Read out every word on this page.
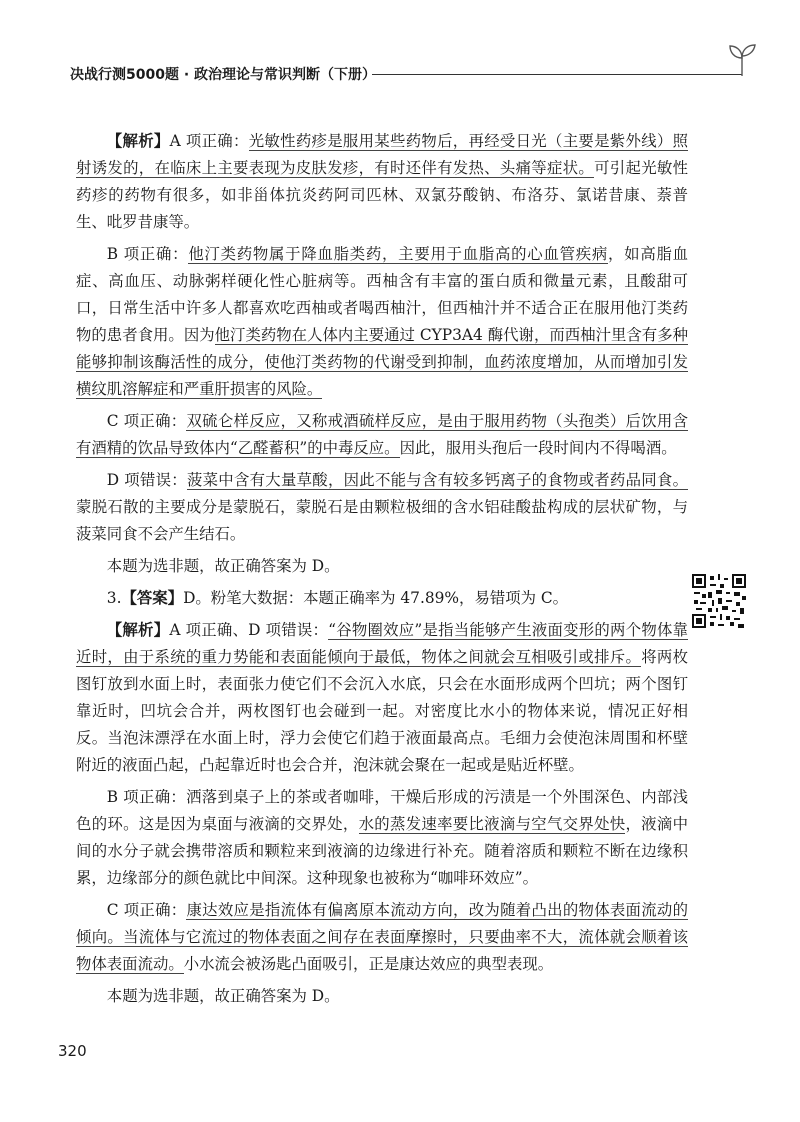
决战行测5000题 · 政治理论与常识判断（下册）

【解析】A 项正确：光敏性药疹是服用某些药物后，再经受日光（主要是紫外线）照射诱发的，在临床上主要表现为皮肤发疹，有时还伴有发热、头痛等症状。可引起光敏性药疹的药物有很多，如非甾体抗炎药阿司匹林、双氯芬酸钠、布洛芬、氯诺昔康、萘普生、吡罗昔康等。

B 项正确：他汀类药物属于降血脂类药，主要用于血脂高的心血管疾病，如高脂血症、高血压、动脉粥样硬化性心脏病等。西柚含有丰富的蛋白质和微量元素，且酸甜可口，日常生活中许多人都喜欢吃西柚或者喝西柚汁，但西柚汁并不适合正在服用他汀类药物的患者食用。因为他汀类药物在人体内主要通过 CYP3A4 酶代谢，而西柚汁里含有多种能够抑制该酶活性的成分，使他汀类药物的代谢受到抑制，血药浓度增加，从而增加引发横纹肌溶解症和严重肝损害的风险。

C 项正确：双硫仑样反应，又称戒酒硫样反应，是由于服用药物（头孢类）后饮用含有酒精的饮品导致体内“乙醛蓄积”的中毒反应。因此，服用头孢后一段时间内不得喝酒。

D 项错误：菠菜中含有大量草酸，因此不能与含有较多钙离子的食物或者药品同食。蒙脱石散的主要成分是蒙脱石，蒙脱石是由颗粒极细的含水铝硅酸盐构成的层状矿物，与菠菜同食不会产生结石。

本题为选非题，故正确答案为 D。

3.【答案】D。粉笔大数据：本题正确率为 47.89%，易错项为 C。

【解析】A 项正确、D 项错误：“谷物圈效应”是指当能够产生液面变形的两个物体靠近时，由于系统的重力势能和表面能倾向于最低，物体之间就会互相吸引或排斥。将两枚图钉放到水面上时，表面张力使它们不会沉入水底，只会在水面形成两个凹坑；两个图钉靠近时，凹坑会合并，两枚图钉也会碰到一起。对密度比水小的物体来说，情况正好相反。当泡沫漂浮在水面上时，浮力会使它们趋于液面最高点。毛细力会使泡沫周围和杯壁附近的液面凸起，凸起靠近时也会合并，泡沫就会聚在一起或是贴近杯壁。

B 项正确：洒落到桌子上的茶或者咖啡，干燥后形成的污渍是一个外围深色、内部浅色的环。这是因为桌面与液滴的交界处，水的蒸发速率要比液滴与空气交界处快，液滴中间的水分子就会携带溶质和颗粒来到液滴的边缘进行补充。随着溶质和颗粒不断在边缘积累，边缘部分的颜色就比中间深。这种现象也被称为“咖啡环效应”。

C 项正确：康达效应是指流体有偏离原本流动方向，改为随着凸出的物体表面流动的倾向。当流体与它流过的物体表面之间存在表面摩擦时，只要曲率不大，流体就会顺着该物体表面流动。小水流会被汤匙凸面吸引，正是康达效应的典型表现。

本题为选非题，故正确答案为 D。

320
